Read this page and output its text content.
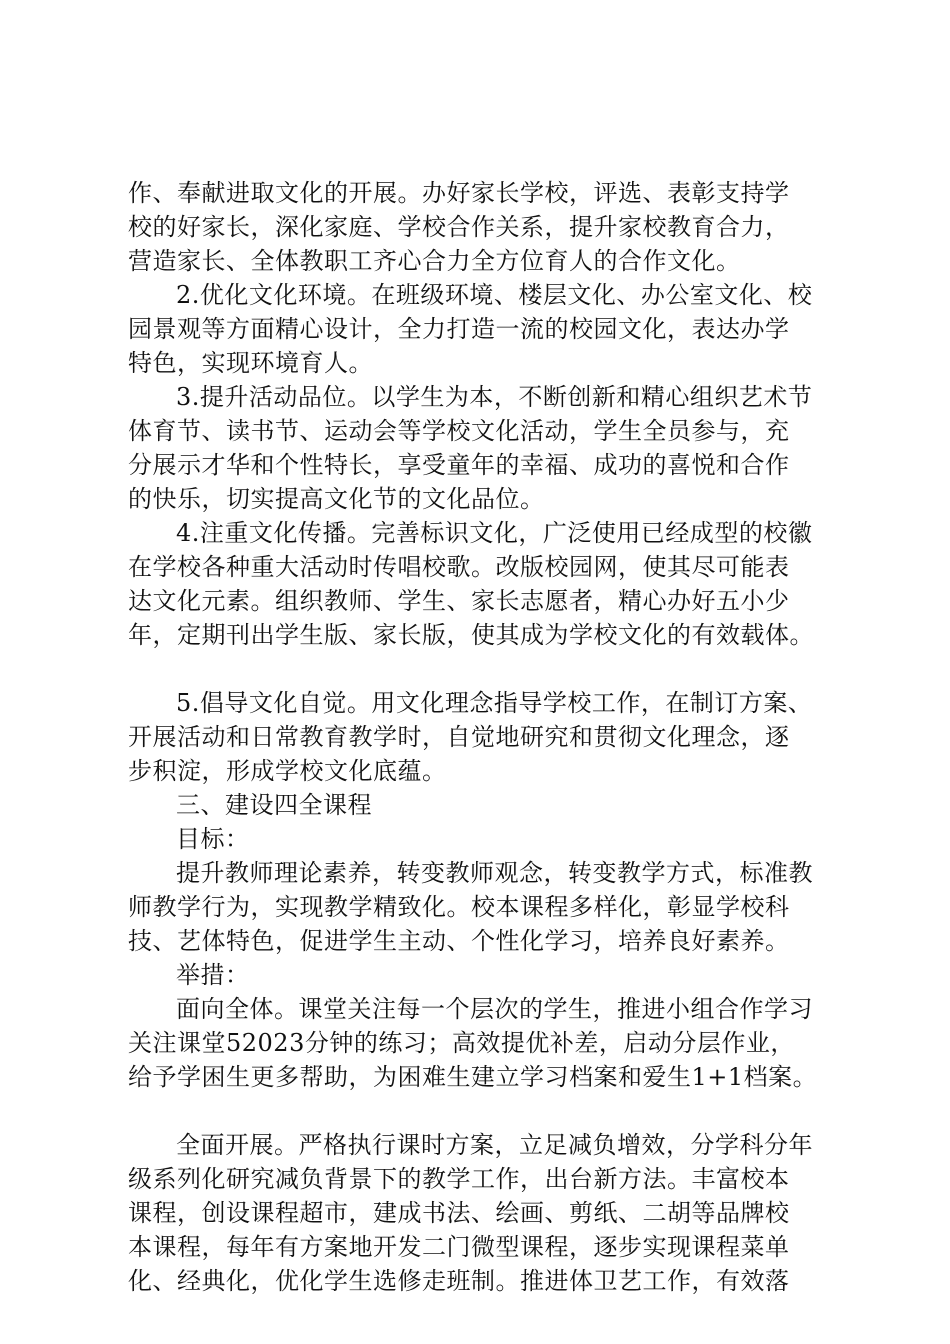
作、奉献进取文化的开展。办好家长学校，评选、表彰支持学
校的好家长，深化家庭、学校合作关系，提升家校教育合力，
营造家长、全体教职工齐心合力全方位育人的合作文化。
2.优化文化环境。在班级环境、楼层文化、办公室文化、校
园景观等方面精心设计，全力打造一流的校园文化，表达办学
特色，实现环境育人。
3.提升活动品位。以学生为本，不断创新和精心组织艺术节
体育节、读书节、运动会等学校文化活动，学生全员参与，充
分展示才华和个性特长，享受童年的幸福、成功的喜悦和合作
的快乐，切实提高文化节的文化品位。
4.注重文化传播。完善标识文化，广泛使用已经成型的校徽
在学校各种重大活动时传唱校歌。改版校园网，使其尽可能表
达文化元素。组织教师、学生、家长志愿者，精心办好五小少
年，定期刊出学生版、家长版，使其成为学校文化的有效载体。
5.倡导文化自觉。用文化理念指导学校工作，在制订方案、
开展活动和日常教育教学时，自觉地研究和贯彻文化理念，逐
步积淀，形成学校文化底蕴。
三、建设四全课程
目标：
提升教师理论素养，转变教师观念，转变教学方式，标准教
师教学行为，实现教学精致化。校本课程多样化，彰显学校科
技、艺体特色，促进学生主动、个性化学习，培养良好素养。
举措：
面向全体。课堂关注每一个层次的学生，推进小组合作学习
关注课堂52023分钟的练习；高效提优补差，启动分层作业，
给予学困生更多帮助，为困难生建立学习档案和爱生1+1档案。
全面开展。严格执行课时方案，立足减负增效，分学科分年
级系列化研究减负背景下的教学工作，出台新方法。丰富校本
课程，创设课程超市，建成书法、绘画、剪纸、二胡等品牌校
本课程，每年有方案地开发二门微型课程，逐步实现课程菜单
化、经典化，优化学生选修走班制。推进体卫艺工作，有效落
